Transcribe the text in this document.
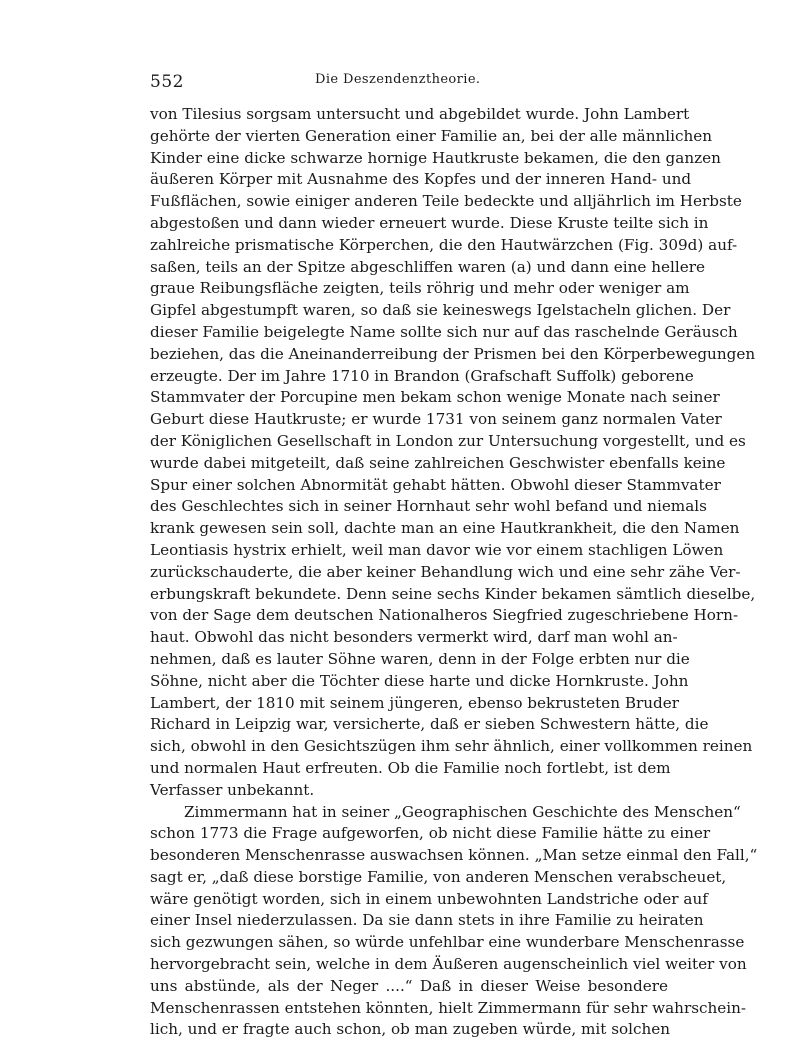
552	Die Deszendenztheorie.
von Tilesius sorgsam untersucht und abgebildet wurde. John Lambert
gehörte der vierten Generation einer Familie an, bei der alle männlichen
Kinder eine dicke schwarze hornige Hautkruste bekamen, die den ganzen
äußeren Körper mit Ausnahme des Kopfes und der inneren Hand- und
Fußflächen, sowie einiger anderen Teile bedeckte und alljährlich im Herbste
abgestoßen und dann wieder erneuert wurde. Diese Kruste teilte sich in
zahlreiche prismatische Körperchen, die den Hautwärzchen (Fig. 309d) auf-
saßen, teils an der Spitze abgeschliffen waren (a) und dann eine hellere
graue Reibungsfläche zeigten, teils röhrig und mehr oder weniger am
Gipfel abgestumpft waren, so daß sie keineswegs Igelstacheln glichen. Der
dieser Familie beigelegte Name sollte sich nur auf das raschelnde Geräusch
beziehen, das die Aneinanderreibung der Prismen bei den Körperbewegungen
erzeugte. Der im Jahre 1710 in Brandon (Grafschaft Suffolk) geborene
Stammvater der Porcupine men bekam schon wenige Monate nach seiner
Geburt diese Hautkruste; er wurde 1731 von seinem ganz normalen Vater
der Königlichen Gesellschaft in London zur Untersuchung vorgestellt, und es
wurde dabei mitgeteilt, daß seine zahlreichen Geschwister ebenfalls keine
Spur einer solchen Abnormität gehabt hätten. Obwohl dieser Stammvater
des Geschlechtes sich in seiner Hornhaut sehr wohl befand und niemals
krank gewesen sein soll, dachte man an eine Hautkrankheit, die den Namen
Leontiasis hystrix erhielt, weil man davor wie vor einem stachligen Löwen
zurückschauderte, die aber keiner Behandlung wich und eine sehr zähe Ver-
erbungskraft bekundete. Denn seine sechs Kinder bekamen sämtlich dieselbe,
von der Sage dem deutschen Nationalheros Siegfried zugeschriebene Horn-
haut. Obwohl das nicht besonders vermerkt wird, darf man wohl an-
nehmen, daß es lauter Söhne waren, denn in der Folge erbten nur die
Söhne, nicht aber die Töchter diese harte und dicke Hornkruste. John
Lambert, der 1810 mit seinem jüngeren, ebenso bekrusteten Bruder
Richard in Leipzig war, versicherte, daß er sieben Schwestern hätte, die
sich, obwohl in den Gesichtszügen ihm sehr ähnlich, einer vollkommen reinen
und normalen Haut erfreuten. Ob die Familie noch fortlebt, ist dem
Verfasser unbekannt.
Zimmermann hat in seiner „Geographischen Geschichte des Menschen“
schon 1773 die Frage aufgeworfen, ob nicht diese Familie hätte zu einer
besonderen Menschenrasse auswachsen können. „Man setze einmal den Fall,“
sagt er, „daß diese borstige Familie, von anderen Menschen verabscheuet,
wäre genötigt worden, sich in einem unbewohnten Landstriche oder auf
einer Insel niederzulassen. Da sie dann stets in ihre Familie zu heiraten
sich gezwungen sähen, so würde unfehlbar eine wunderbare Menschenrasse
hervorgebracht sein, welche in dem Äußeren augenscheinlich viel weiter von
uns abstünde, als der Neger ....“ Daß in dieser Weise besondere
Menschenrassen entstehen könnten, hielt Zimmermann für sehr wahrschein-
lich, und er fragte auch schon, ob man zugeben würde, mit solchen
